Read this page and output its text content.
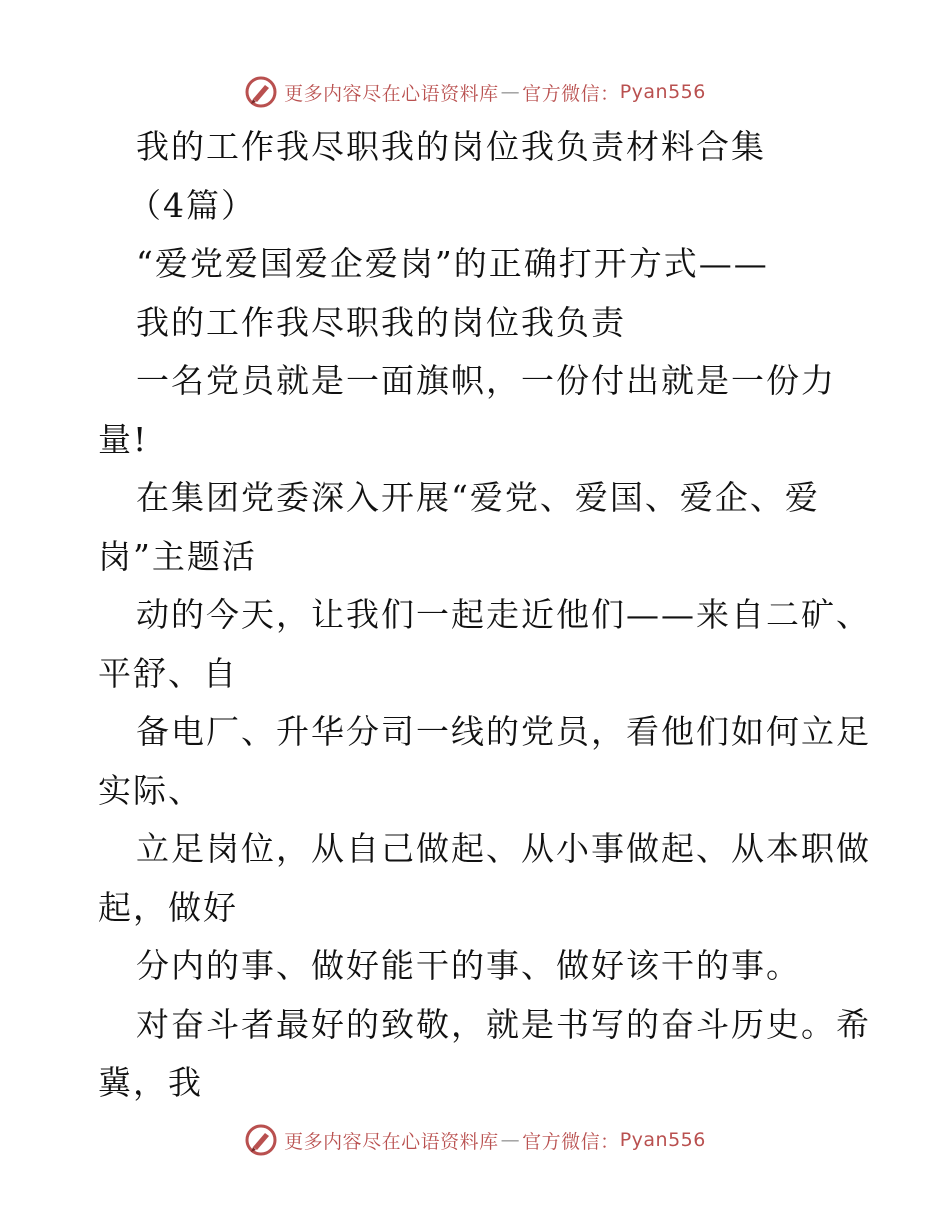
更多内容尽在心语资料库 — 官方微信： Pyan556
我的工作我尽职我的岗位我负责材料合集
（4篇）
“爱党爱国爱企爱岗”的正确打开方式——
我的工作我尽职我的岗位我负责
一名党员就是一面旗帜，一份付出就是一份力
量!
在集团党委深入开展“爱党、爱国、爱企、爱
岗”主题活
动的今天，让我们一起走近他们——来自二矿、
平舒、自
备电厂、升华分司一线的党员，看他们如何立足
实际、
立足岗位，从自己做起、从小事做起、从本职做
起，做好
分内的事、做好能干的事、做好该干的事。
对奋斗者最好的致敬，就是书写的奋斗历史。希
冀，我
更多内容尽在心语资料库 — 官方微信： Pyan556
